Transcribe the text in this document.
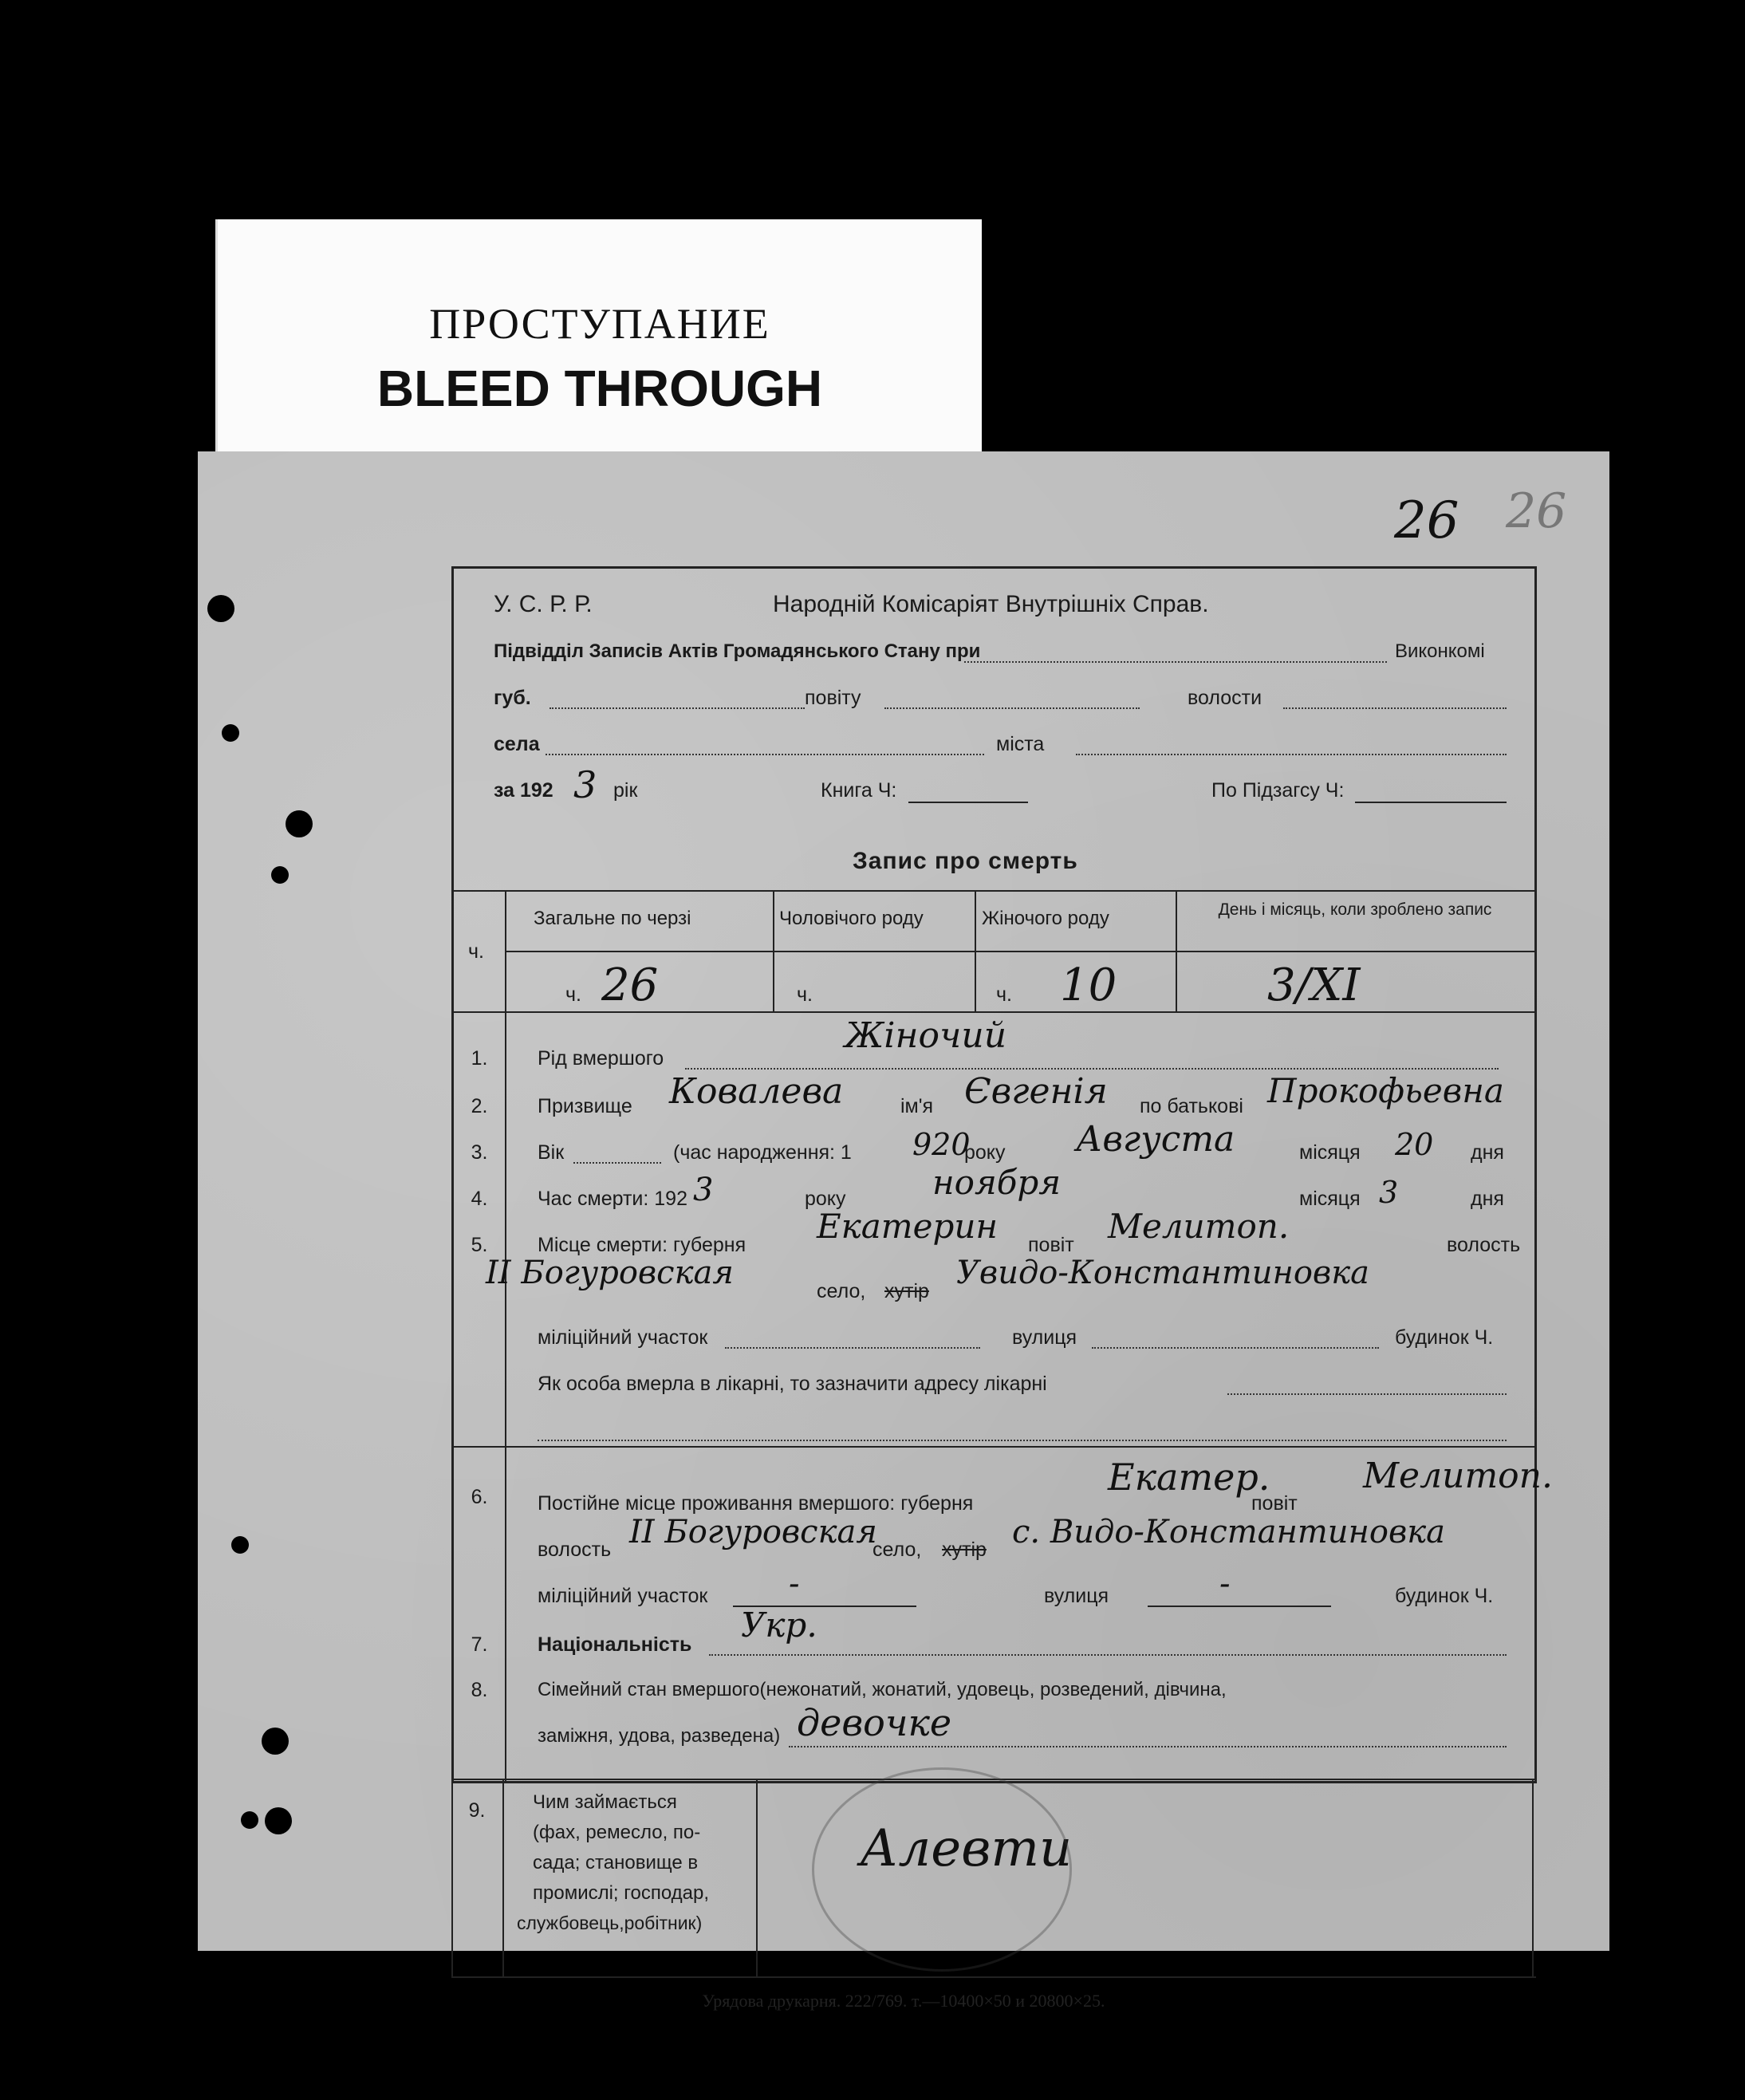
ПРОСТУПАНИЕ
BLEED THROUGH
26 26
У. С. Р. Р.	Народній Комісаріят Внутрішніх Справ.
Підвідділ Записів Актів Громадянського Стану при	Виконкомі
губ.	повіту	волости
села	міста
за 192 3 рік	Книга Ч:	По Підзагсу Ч:
Запис про смерть
ч.
Загальне по черзі	Чоловічого роду	Жіночого роду	День і місяць, коли зроблено запис
ч. 26	ч.	ч. 10	3/XI
1.	Рід вмершого
Жіночий
2.	Призвище Ковалева	ім'я Євгенія по батькові Прокофьевна
3.	Вік	(час народження: 1 920
року Августа	місяця 20 дня
4.	Час смерти: 192 3	року	ноября	місяця 3	дня
5.	Місце смерти: губерня Екатерин повіт Мелитоп.	волость
II Богуровская	село, хутір Увидо-Константиновка
міліційний участок	вулиця	будинок Ч.
Як особа вмерла в лікарні, то зазначити адресу лікарні
6.	Постійне місце проживання вмершого: губерня
Екатер.
повіт
Мелитоп.
волость II Богуровская
село, хутір с. Видо-Константиновка
міліційний участок	-	вулиця	-	будинок Ч.
7.	Національність Укр.
8.	Сімейний стан вмершого(нежонатий, жонатий, удовець, розведений, дівчина,
заміжня, удова, разведена) девочке
9.	Чим займається
(фах, ремесло, по-
сада; становище в
промислі; господар,
службовець,робітник)
Алевти
Урядова друкарня. 222/769. т.—10400×50 и 20800×25.
